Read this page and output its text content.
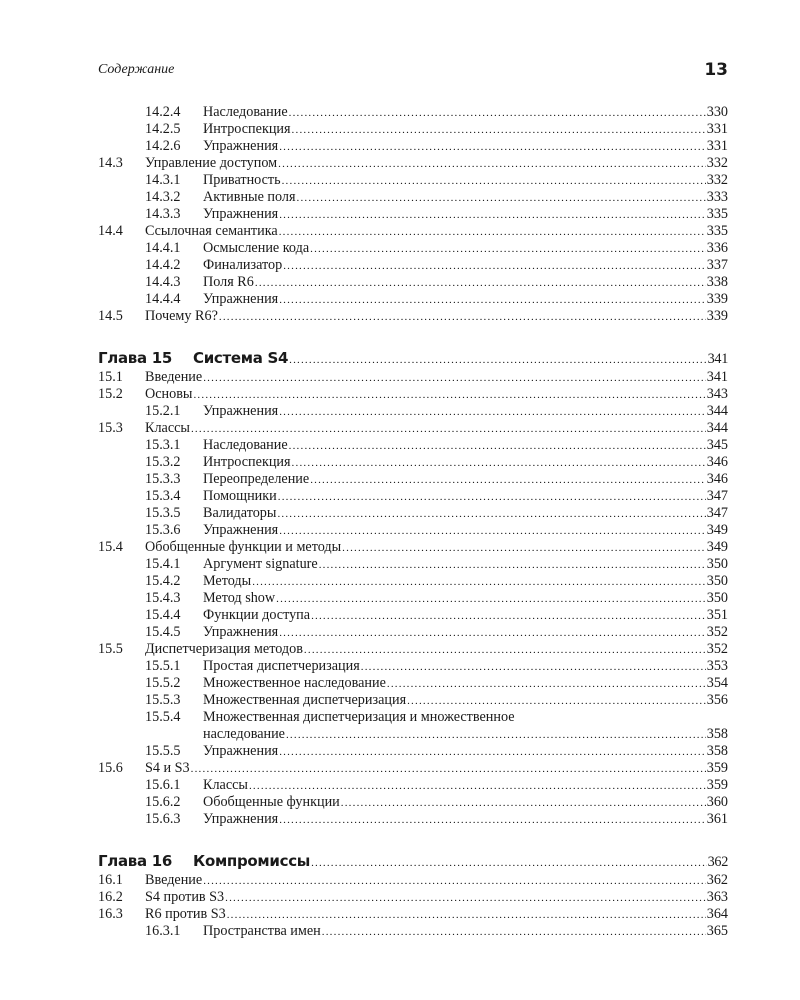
Содержание	13
14.2.4	Наследование .....	330
14.2.5	Интроспекция .....	331
14.2.6	Упражнения .....	331
14.3	Управление доступом .....	332
14.3.1	Приватность .....	332
14.3.2	Активные поля .....	333
14.3.3	Упражнения .....	335
14.4	Ссылочная семантика .....	335
14.4.1	Осмысление кода .....	336
14.4.2	Финализатор .....	337
14.4.3	Поля R6 .....	338
14.4.4	Упражнения .....	339
14.5	Почему R6? .....	339
Глава 15	Система S4 .....	341
15.1	Введение .....	341
15.2	Основы .....	343
15.2.1	Упражнения .....	344
15.3	Классы .....	344
15.3.1	Наследование .....	345
15.3.2	Интроспекция .....	346
15.3.3	Переопределение .....	346
15.3.4	Помощники .....	347
15.3.5	Валидаторы .....	347
15.3.6	Упражнения .....	349
15.4	Обобщенные функции и методы .....	349
15.4.1	Аргумент signature .....	350
15.4.2	Методы .....	350
15.4.3	Метод show .....	350
15.4.4	Функции доступа .....	351
15.4.5	Упражнения .....	352
15.5	Диспетчеризация методов .....	352
15.5.1	Простая диспетчеризация .....	353
15.5.2	Множественное наследование .....	354
15.5.3	Множественная диспетчеризация .....	356
15.5.4	Множественная диспетчеризация и множественное
наследование .....	358
15.5.5	Упражнения .....	358
15.6	S4 и S3 .....	359
15.6.1	Классы .....	359
15.6.2	Обобщенные функции .....	360
15.6.3	Упражнения .....	361
Глава 16	Компромиссы .....	362
16.1	Введение .....	362
16.2	S4 против S3 .....	363
16.3	R6 против S3 .....	364
16.3.1	Пространства имен .....	365
